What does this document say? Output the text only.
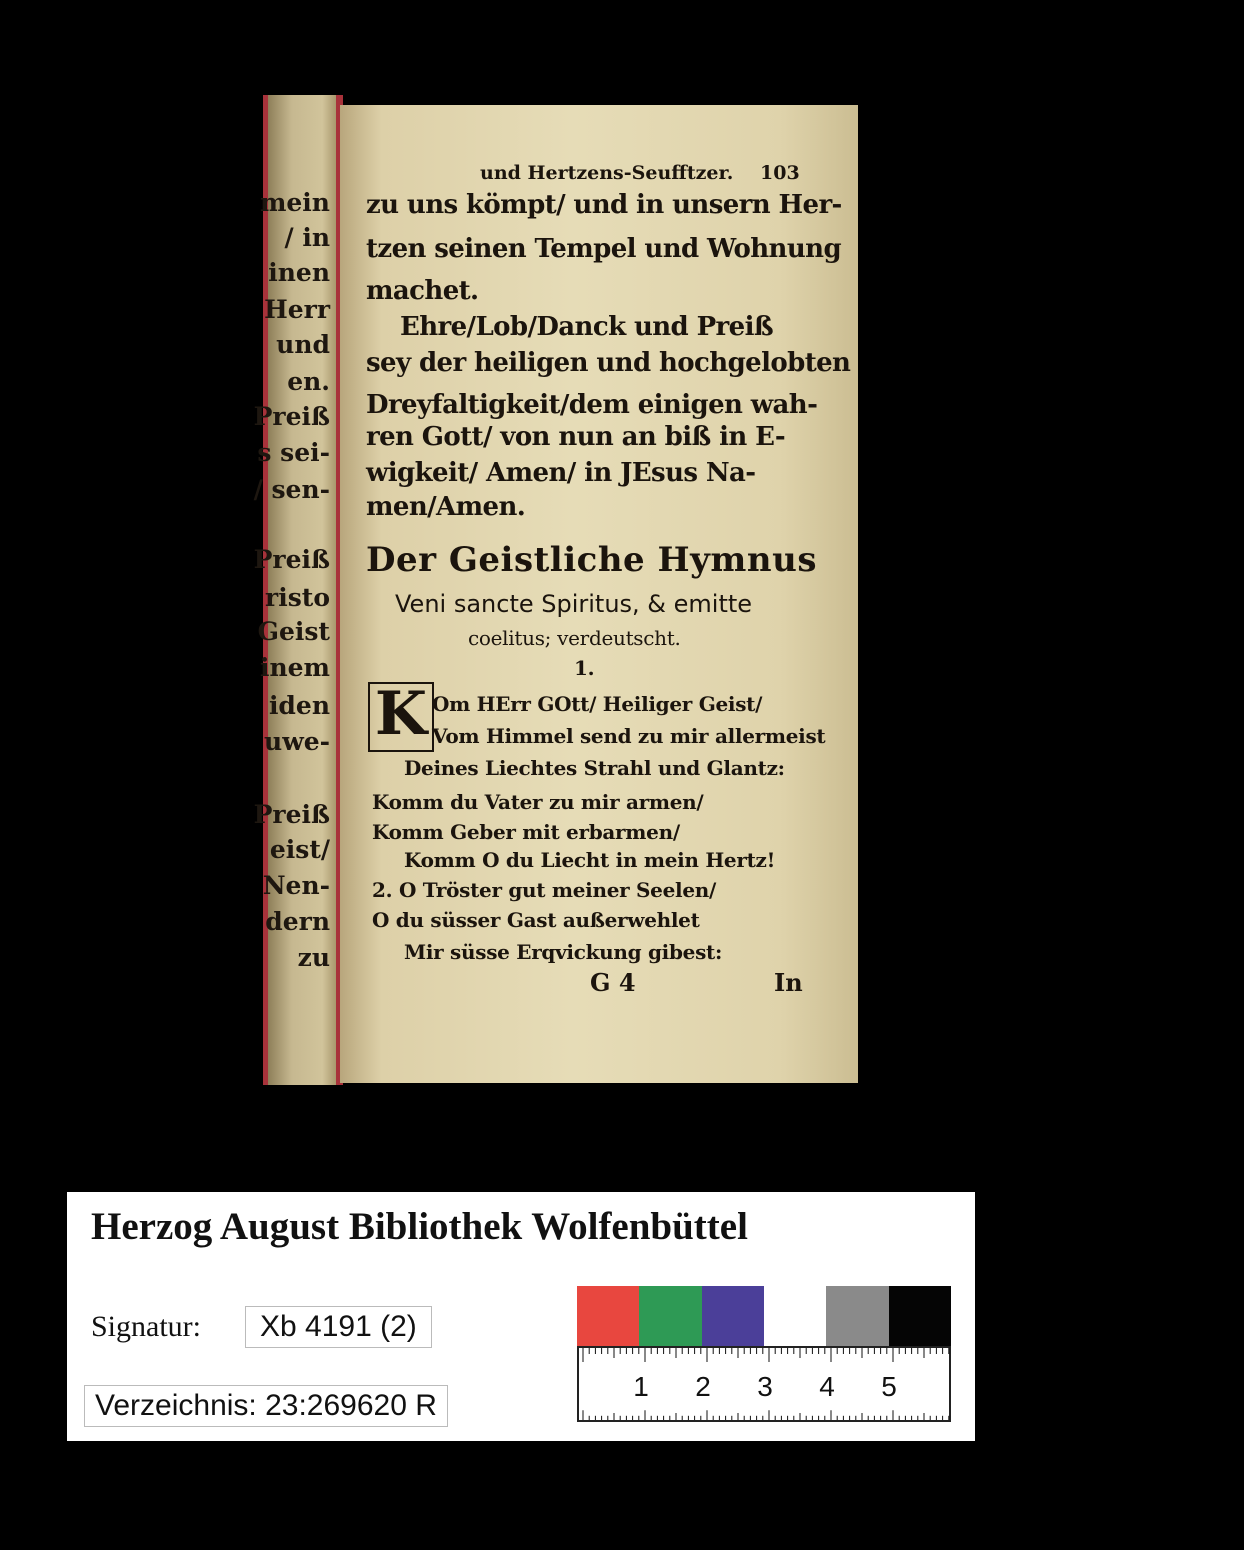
mein
/ in
inen
Herr
und
en.
Preiß
s sei-
/ sen-
Preiß
risto
Geist
inem
iden
uwe-
Preiß
eist/
Nen-
dern
zu
und Hertzens-Seufftzer. 103
zu uns kömpt/ und in unsern Her-
tzen seinen Tempel und Wohnung
machet.
Ehre/Lob/Danck und Preiß
sey der heiligen und hochgelobten
Dreyfaltigkeit/dem einigen wah-
ren Gott/ von nun an biß in E-
wigkeit/ Amen/ in JEsus Na-
men/Amen.
Der Geistliche Hymnus
Veni sancte Spiritus, & emitte
coelitus; verdeutscht.
1.
K Om HErr GOtt/ Heiliger Geist/
Vom Himmel send zu mir allermeist
Deines Liechtes Strahl und Glantz:
Komm du Vater zu mir armen/
Komm Geber mit erbarmen/
Komm O du Liecht in mein Hertz!
2. O Tröster gut meiner Seelen/
O du süsser Gast außerwehlet
Mir süsse Erqvickung gibest:
G 4	In
Herzog August Bibliothek Wolfenbüttel
Signatur:	Xb 4191 (2)
Verzeichnis: 23:269620 R
1 2 3 4 5
